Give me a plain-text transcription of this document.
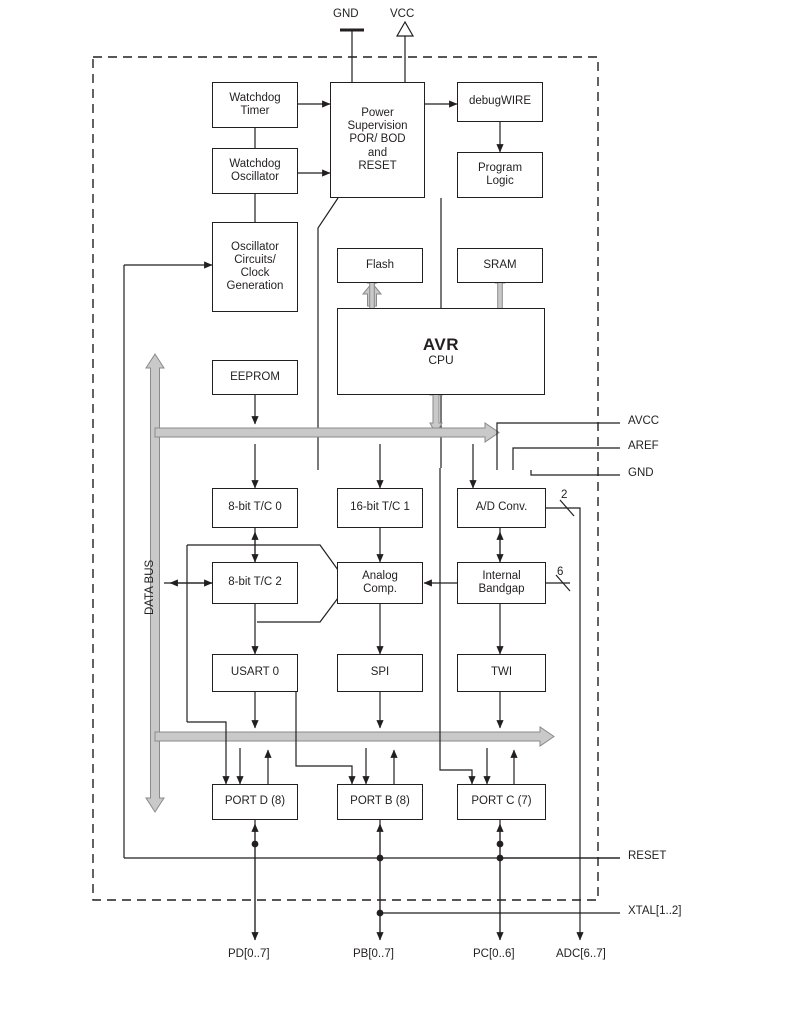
GND	VCC
Watchdog
Timer
Watchdog
Oscillator
Power
Supervision
POR/ BOD
and
RESET
debugWIRE
Program
Logic
Oscillator
Circuits/
Clock
Generation
Flash	SRAM
AVR
CPU
EEPROM
8-bit T/C 0	16-bit T/C 1	A/D Conv.
8-bit T/C 2
Analog
Comp.
Internal
Bandgap
USART 0	SPI	TWI
PORT D (8)	PORT B (8)	PORT C (7)
DATA BUS
AVCC
AREF
GND
RESET
XTAL[1..2]
2
6
PD[0..7]	PB[0..7]	PC[0..6]	ADC[6..7]
